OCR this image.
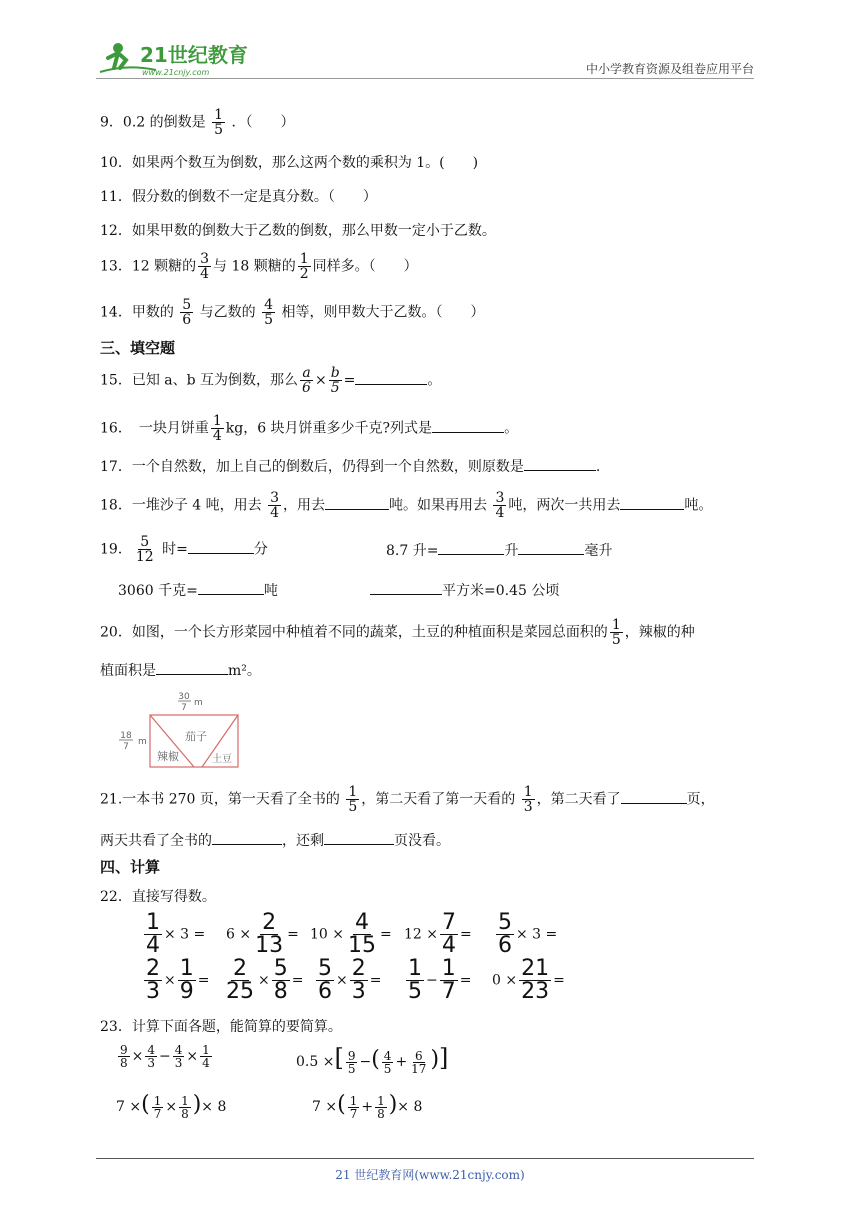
21世纪教育
www.21cnjy.com	中小学教育资源及组卷应用平台
9．0.2 的倒数是 $\frac{1}{5}$ ．（　　）
10．如果两个数互为倒数，那么这两个数的乘积为 1。(　　)
11．假分数的倒数不一定是真分数。（　　）
12．如果甲数的倒数大于乙数的倒数，那么甲数一定小于乙数。
13．12 颗糖的 $\frac{3}{4}$ 与 18 颗糖的 $\frac{1}{2}$ 同样多。（　　）
14．甲数的 $\frac{5}{6}$ 与乙数的 $\frac{4}{5}$ 相等，则甲数大于乙数。（　　）
三、填空题
15．已知 a、b 互为倒数，那么 $\frac{a}{6} \times \frac{b}{5}$ =	。
16．　一块月饼重 $\frac{1}{4}$ kg，6 块月饼重多少千克?列式是	。
17．一个自然数，加上自己的倒数后，仍得到一个自然数，则原数是	.
18．一堆沙子 4 吨，用去 $\frac{3}{4}$ ，用去	吨。如果再用去 $\frac{3}{4}$ 吨，两次一共用去	吨。
19． $\frac{5}{12}$ 时=	分	8.7 升=	升	毫升
3060 千克=	吨	平方米=0.45 公顷
20．如图，一个长方形菜园中种植着不同的蔬菜，土豆的种植面积是菜园总面积的 $\frac{1}{5}$ ，辣椒的种
植面积是	m²。
30
7 m
18
7 m	茄子
辣椒	土豆
21.一本书 270 页，第一天看了全书的 $\frac{1}{5}$ ，第二天看了第一天看的 $\frac{1}{3}$ ，第二天看了	页，
两天共看了全书的	，还剩	页没看。
四、计算
22．直接写得数。
$\frac{1}{4} \times 3 = 6 \times \frac{2}{13} = 10 \times \frac{4}{15} = 12 \times \frac{7}{4} = \frac{5}{6} \times 3$ =
$\frac{2}{3} \times \frac{1}{9} = \frac{2}{25} \times \frac{5}{8} = \frac{5}{6} \times \frac{2}{3} = \frac{1}{5} - \frac{1}{7} = 0 \times \frac{21}{23}$ =
23．计算下面各题，能简算的要简算。
$\frac{9}{8} \times \frac{4}{3} - \frac{4}{3} \times \frac{1}{4}$	0.5 ×[ $\frac{9}{5}$ −( $\frac{4}{5} + \frac{6}{17}$ )]
7 ×( $\frac{1}{7} \times \frac{1}{8}$ )× 8	7 ×( $\frac{1}{7} + \frac{1}{8}$ )× 8
21 世纪教育网(www.21cnjy.com)
